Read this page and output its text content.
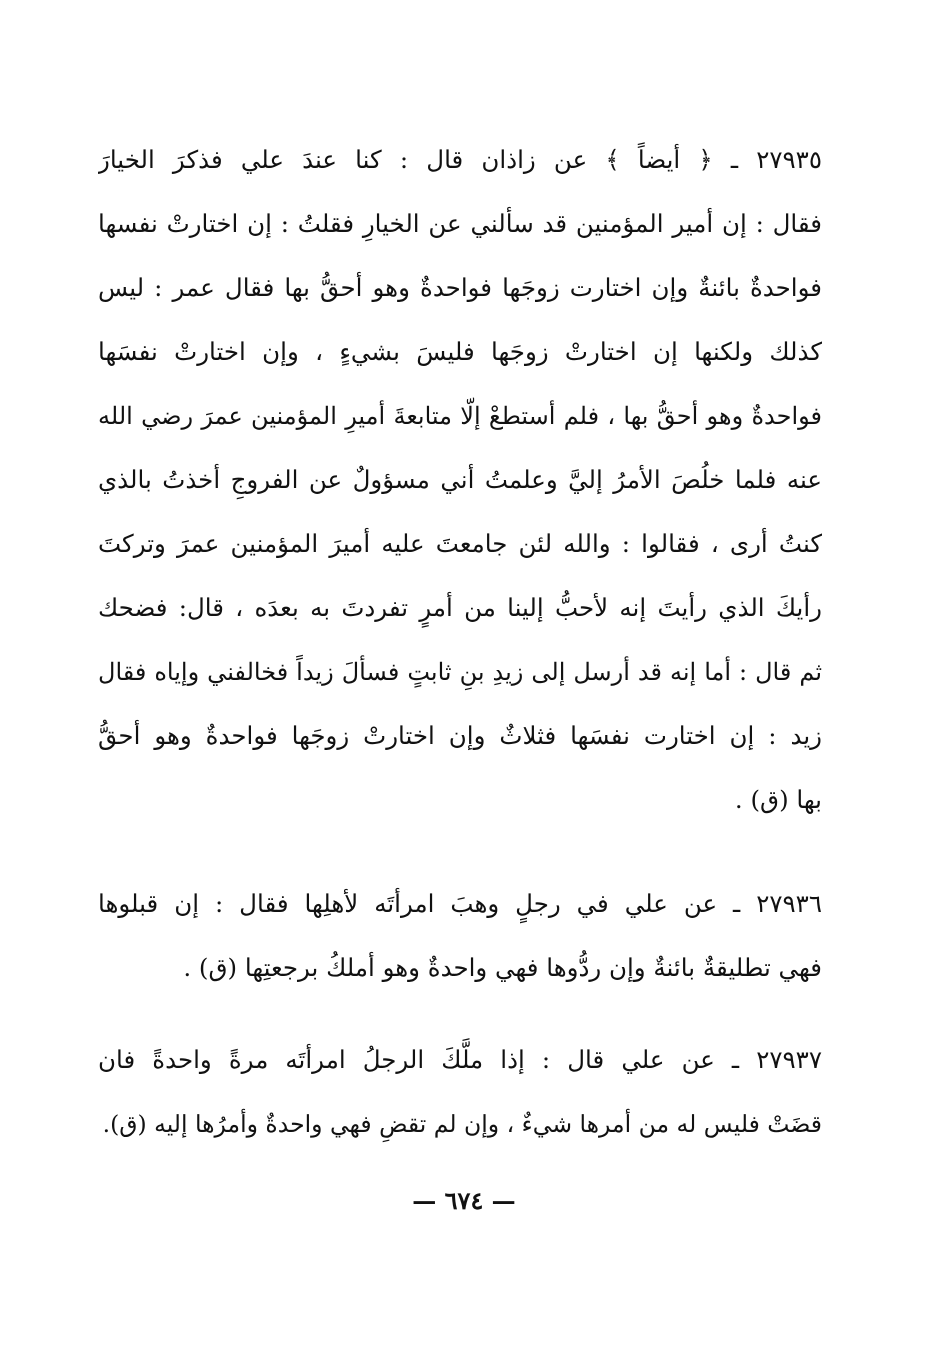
٢٧٩٣٥ ـ ﴿ أيضاً ﴾ عن زاذان قال : كنا عندَ علي فذكرَ الخيارَ
فقال : إن أمير المؤمنين قد سألني عن الخيارِ فقلتُ : إن اختارتْ نفسها
فواحدةٌ بائنةٌ وإن اختارت زوجَها فواحدةٌ وهو أحقُّ بها فقال عمر : ليس
كذلك ولكنها إن اختارتْ زوجَها فليسَ بشيءٍ ، وإن اختارتْ نفسَها
فواحدةٌ وهو أحقُّ بها ، فلم أستطعْ إلّا متابعةَ أميرِ المؤمنين عمرَ رضي الله
عنه فلما خلُصَ الأمرُ إليَّ وعلمتُ أني مسؤولٌ عن الفروجِ أخذتُ بالذي
كنتُ أرى ، فقالوا : والله لئن جامعتَ عليه أميرَ المؤمنين عمرَ وتركتَ
رأيكَ الذي رأيتَ إنه لأحبُّ إلينا من أمرٍ تفردتَ به بعدَه ، قال: فضحك
ثم قال : أما إنه قد أرسل إلى زيدِ بنِ ثابتٍ فسألَ زيداً فخالفني وإياه فقال
زيد : إن اختارت نفسَها فثلاثٌ وإن اختارتْ زوجَها فواحدةٌ وهو أحقُّ
بها (ق) .
٢٧٩٣٦ ـ عن علي في رجلٍ وهبَ امرأتَه لأهلِها فقال : إن قبلوها
فهي تطليقةٌ بائنةٌ وإن ردُّوها فهي واحدةٌ وهو أملكُ برجعتِها (ق) .
٢٧٩٣٧ ـ عن علي قال : إذا ملَّكَ الرجلُ امرأتَه مرةً واحدةً فان
قضَتْ فليس له من أمرها شيءٌ ، وإن لم تقضِ فهي واحدةٌ وأمرُها إليه (ق).
— ٦٧٤ —
